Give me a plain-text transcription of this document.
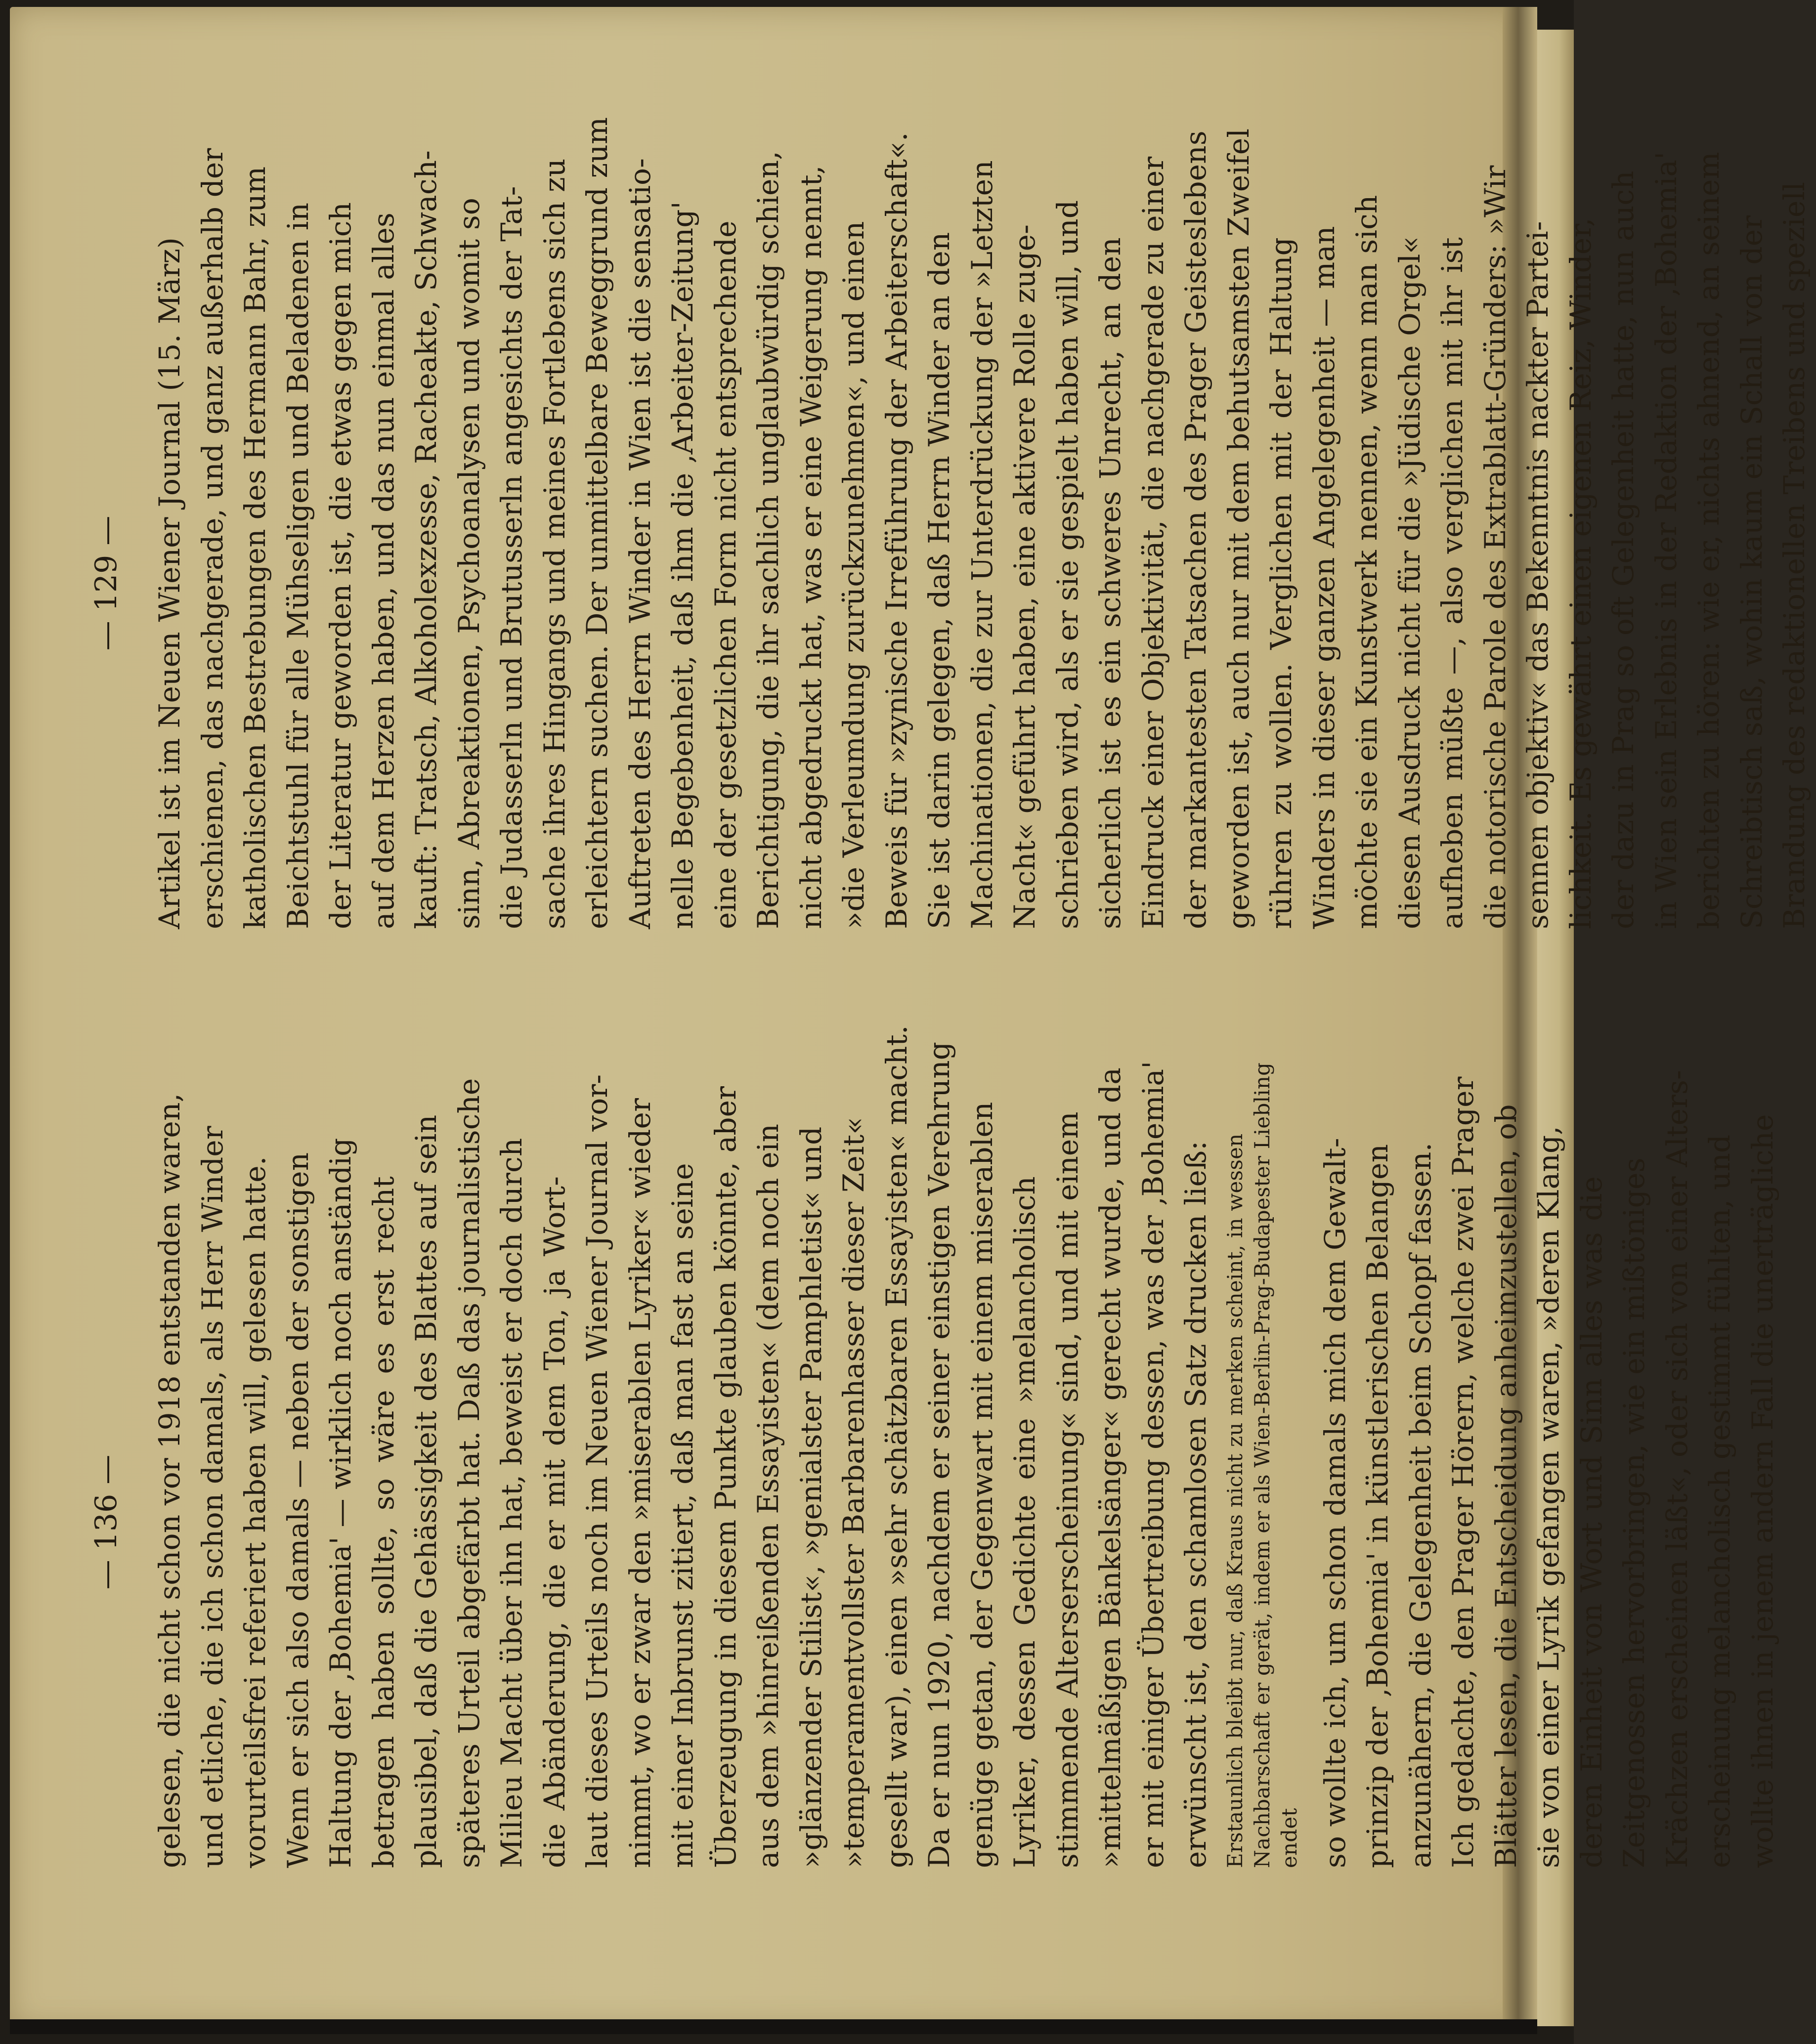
— 136 —
— 129 —
gelesen, die nicht schon vor 1918 entstanden waren, und etliche, die ich schon damals, als Herr Winder vorurteilsfrei referiert haben will, gelesen hatte. Wenn er sich also damals — neben der sonstigen Haltung der ‚Bohemia' — wirklich noch anständig betragen haben sollte, so wäre es erst recht plausibel, daß die Gehässigkeit des Blattes auf sein späteres Urteil abgefärbt hat. Daß das journalistische Milieu Macht über ihn hat, beweist er doch durch die Abänderung, die er mit dem Ton, ja Wort- laut dieses Urteils noch im Neuen Wiener Journal vor- nimmt, wo er zwar den »miserablen Lyriker« wieder mit einer Inbrunst zitiert, daß man fast an seine Überzeugung in diesem Punkte glauben könnte, aber aus dem »hinreißenden Essayisten« (dem noch ein »glänzender Stilist«, »genialster Pamphletist« und »temperamentvollster Barbarenhasser dieser Zeit« gesellt war), einen »sehr schätzbaren Essayisten« macht. Da er nun 1920, nachdem er seiner einstigen Verehrung genüge getan, der Gegenwart mit einem miserablen Lyriker, dessen Gedichte eine »melancholisch stimmende Alterserscheinung« sind, und mit einem »mittelmäßigen Bänkelsänger« gerecht wurde, und da er mit einiger Übertreibung dessen, was der ‚Bohemia' erwünscht ist, den schamlosen Satz drucken ließ: Erstaunlich bleibt nur, daß Kraus nicht zu merken scheint, in wessen Nachbarschaft er gerät, indem er als Wien-Berlin-Prag-Budapester Liebling endet so wollte ich, um schon damals mich dem Gewalt- prinzip der ‚Bohemia' in künstlerischen Belangen anzunähern, die Gelegenheit beim Schopf fassen. Ich gedachte, den Prager Hörern, welche zwei Prager Blätter lesen, die Entscheidung anheimzustellen, ob sie von einer Lyrik gefangen waren, »deren Klang, deren Einheit von Wort und Sinn alles was die Zeitgenossen hervorbringen, wie ein mißtöniges Krächzen erscheinen läßt«, oder sich von einer Alters- erscheinung melancholisch gestimmt fühlten, und wollte ihnen in jenem andern Fall die unerträgliche
Artikel ist im Neuen Wiener Journal (15. März) erschienen, das nachgerade, und ganz außerhalb der katholischen Bestrebungen des Hermann Bahr, zum Beichtstuhl für alle Mühseligen und Beladenen in der Literatur geworden ist, die etwas gegen mich auf dem Herzen haben, und das nun einmal alles kauft: Tratsch, Alkoholexzesse, Racheakte, Schwach- sinn, Abreaktionen, Psychoanalysen und womit so die Judasserln und Brutusserln angesichts der Tat- sache ihres Hingangs und meines Fortlebens sich zu erleichtern suchen. Der unmittelbare Beweggrund zum Auftreten des Herrn Winder in Wien ist die sensatio- nelle Begebenheit, daß ihm die ‚Arbeiter-Zeitung' eine der gesetzlichen Form nicht entsprechende Berichtigung, die ihr sachlich unglaubwürdig schien, nicht abgedruckt hat, was er eine Weigerung nennt, »die Verleumdung zurückzunehmen«, und einen Beweis für »zynische Irreführung der Arbeiterschaft«. Sie ist darin gelegen, daß Herrn Winder an den Machinationen, die zur Unterdrückung der »Letzten Nacht« geführt haben, eine aktivere Rolle zuge- schrieben wird, als er sie gespielt haben will, und sicherlich ist es ein schweres Unrecht, an den Eindruck einer Objektivität, die nachgerade zu einer der markantesten Tatsachen des Prager Geisteslebens geworden ist, auch nur mit dem behutsamsten Zweifel rühren zu wollen. Verglichen mit der Haltung Winders in dieser ganzen Angelegenheit — man möchte sie ein Kunstwerk nennen, wenn man sich diesen Ausdruck nicht für die »Jüdische Orgel« aufheben müßte —, also verglichen mit ihr ist die notorische Parole des Extrablatt-Gründers: »Wir sennen objektiv« das Bekenntnis nackter Partei- lichkeit. Es gewährt einen eigenen Reiz, Winder, der dazu in Prag so oft Gelegenheit hatte, nun auch in Wien sein Erlebnis in der Redaktion der ‚Bohemia' berichten zu hören: wie er, nichts ahnend, an seinem Schreibtisch saß, wohin kaum ein Schall von der Brandung des redaktionellen Treibens und speziell
